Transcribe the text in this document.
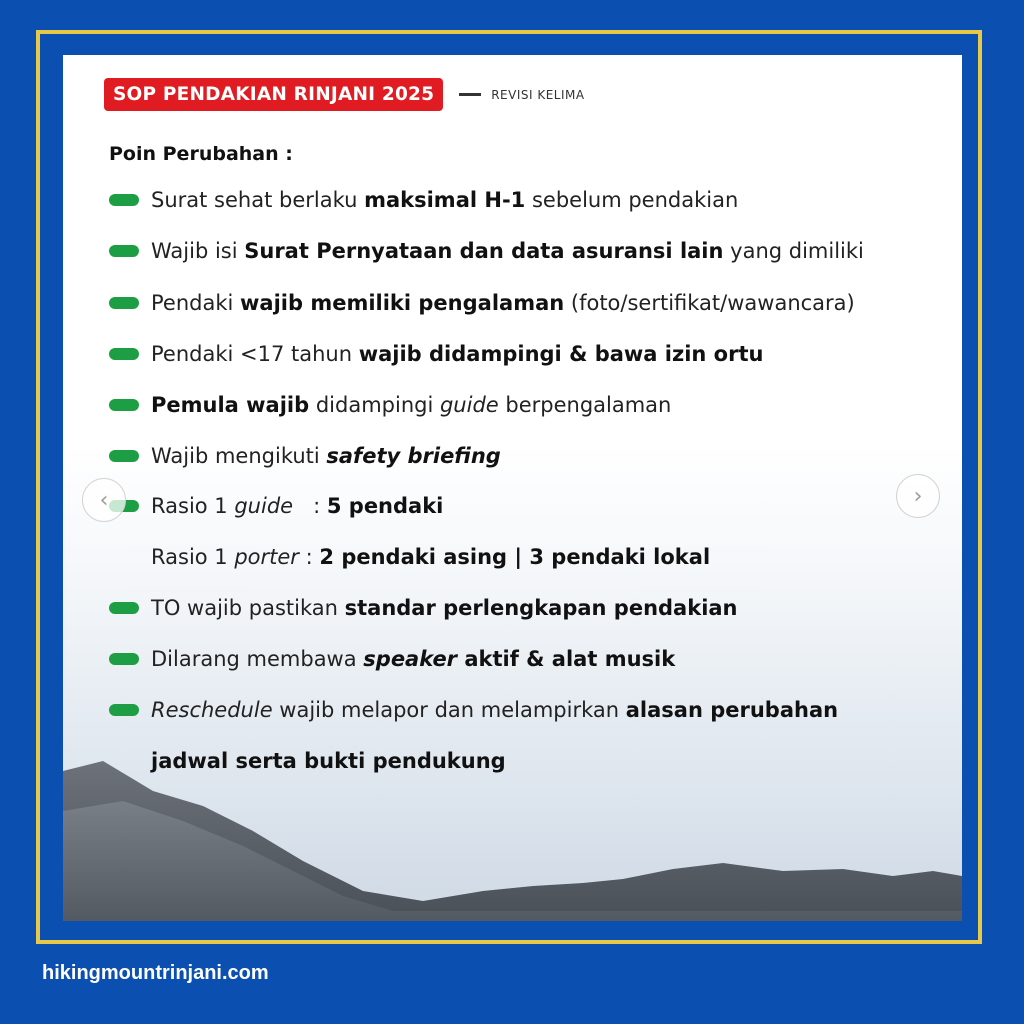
SOP PENDAKIAN RINJANI 2025	REVISI KELIMA
Poin Perubahan :
Surat sehat berlaku maksimal H-1 sebelum pendakian
Wajib isi Surat Pernyataan dan data asuransi lain yang dimiliki
Pendaki wajib memiliki pengalaman (foto/sertifikat/wawancara)
Pendaki <17 tahun wajib didampingi & bawa izin ortu
Pemula wajib didampingi guide berpengalaman
Wajib mengikuti safety briefing
Rasio 1 guide   : 5 pendaki
Rasio 1 porter : 2 pendaki asing | 3 pendaki lokal
TO wajib pastikan standar perlengkapan pendakian
Dilarang membawa speaker aktif & alat musik
Reschedule wajib melapor dan melampirkan alasan perubahan
jadwal serta bukti pendukung
‹	›
hikingmountrinjani.com
